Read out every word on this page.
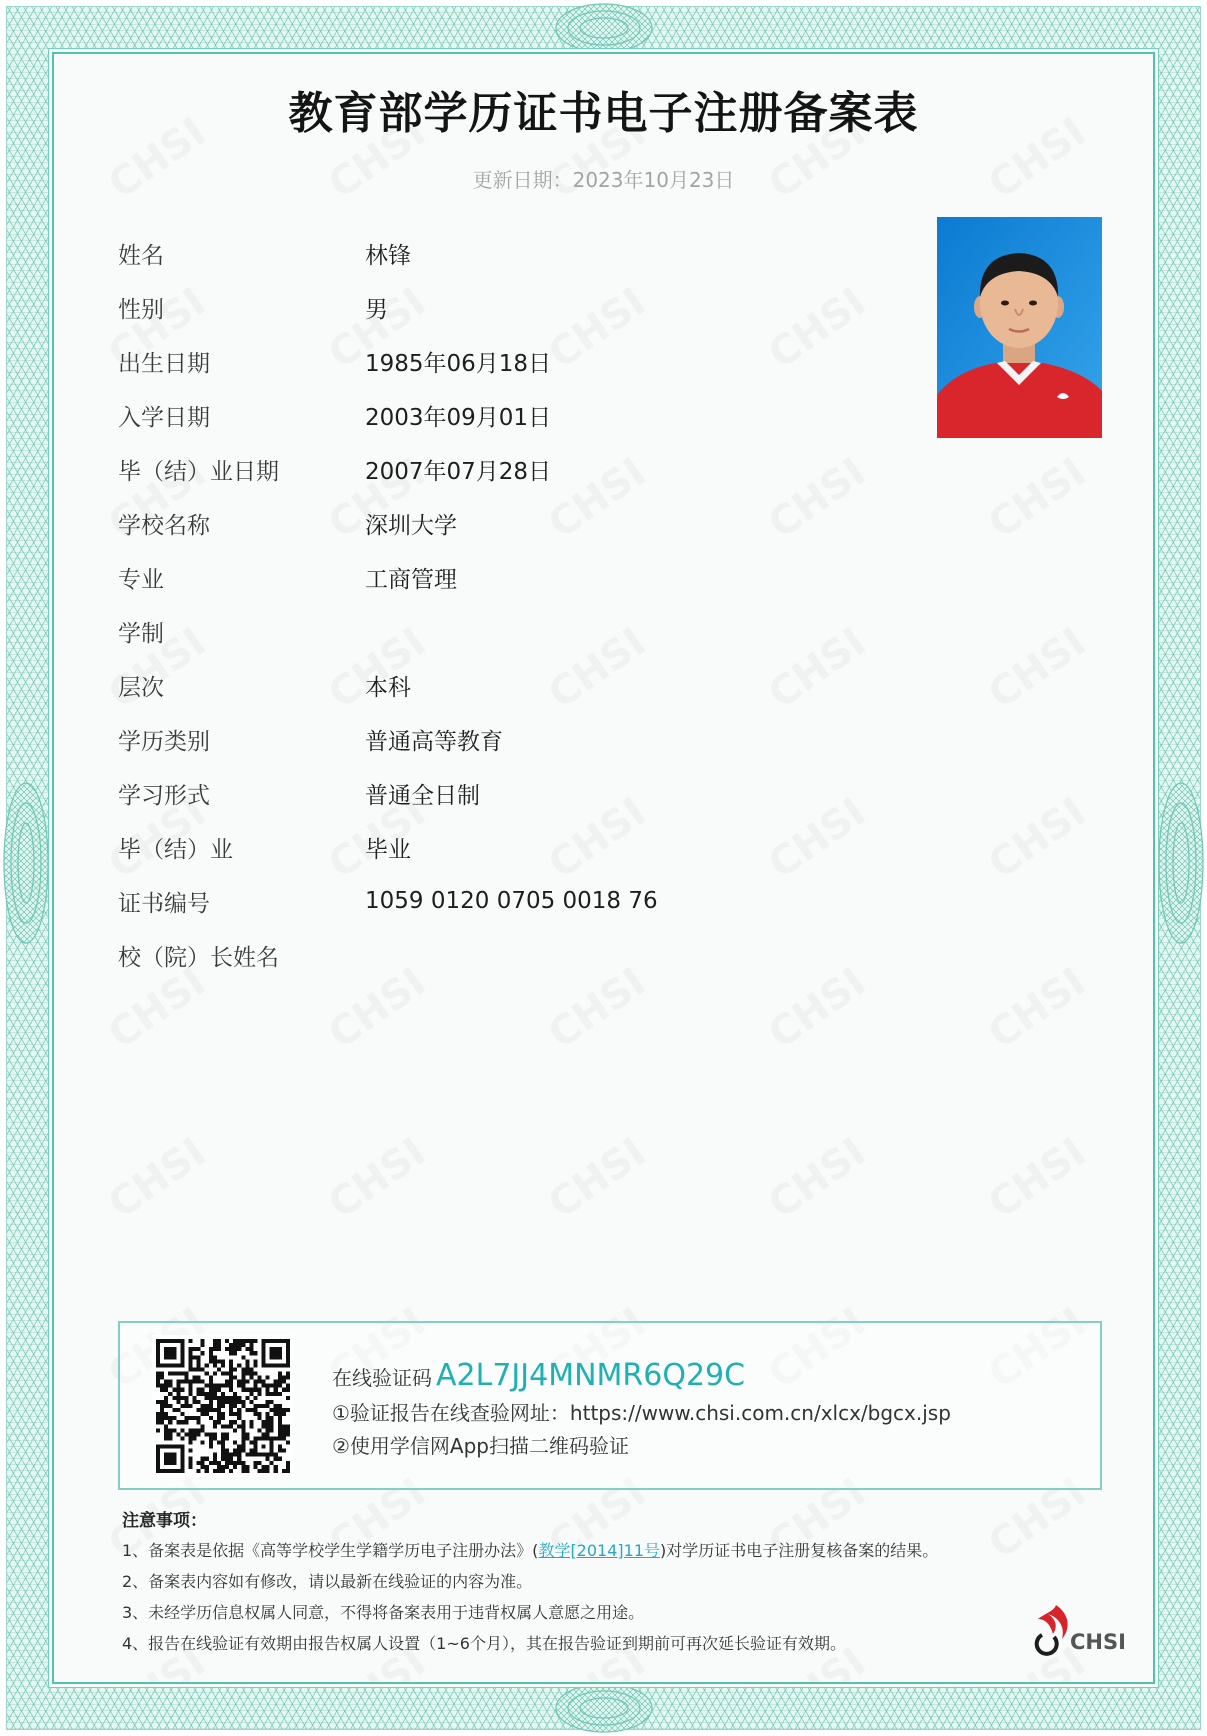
教育部学历证书电子注册备案表
更新日期：2023年10月23日
姓名	林锋
性别	男
出生日期	1985年06月18日
入学日期	2003年09月01日
毕（结）业日期	2007年07月28日
学校名称	深圳大学
专业	工商管理
学制
层次	本科
学历类别	普通高等教育
学习形式	普通全日制
毕（结）业	毕业
证书编号	1059 0120 0705 0018 76
校（院）长姓名
在线验证码 A2L7JJ4MNMR6Q29C
①验证报告在线查验网址：https://www.chsi.com.cn/xlcx/bgcx.jsp
②使用学信网App扫描二维码验证
注意事项：
1、备案表是依据《高等学校学生学籍学历电子注册办法》(教学[2014]11号)对学历证书电子注册复核备案的结果。
2、备案表内容如有修改，请以最新在线验证的内容为准。
3、未经学历信息权属人同意，不得将备案表用于违背权属人意愿之用途。
4、报告在线验证有效期由报告权属人设置（1~6个月），其在报告验证到期前可再次延长验证有效期。	CHSI
